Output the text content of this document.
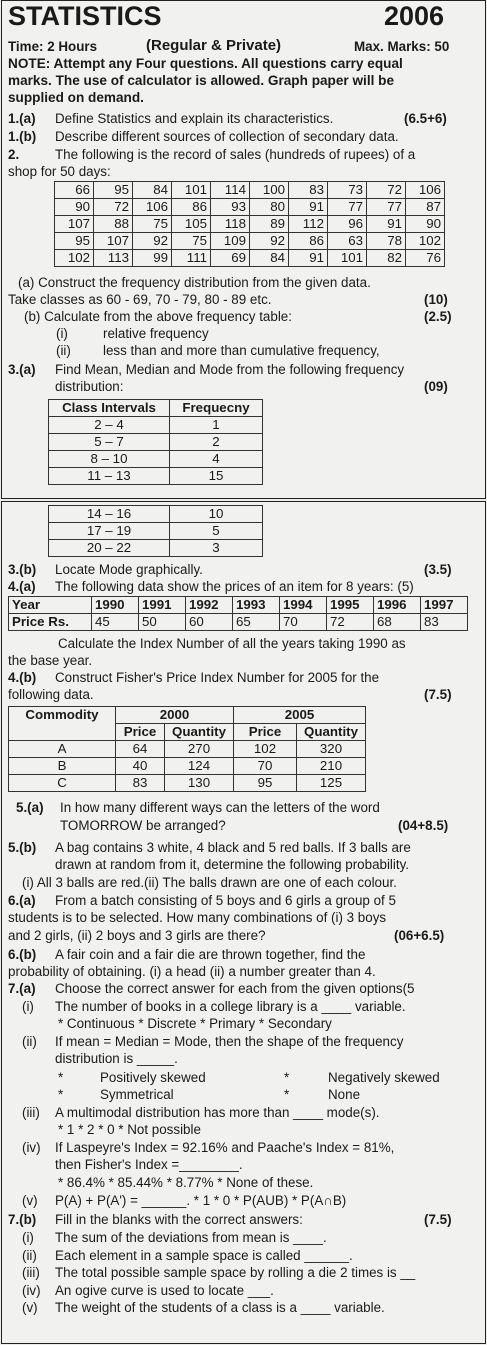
STATISTICS	2006
Time: 2 Hours	(Regular & Private)	Max. Marks: 50
NOTE: Attempt any Four questions. All questions carry equal
marks. The use of calculator is allowed. Graph paper will be
supplied on demand.
1.(a) Define Statistics and explain its characteristics.	(6.5+6)
1.(b) Describe different sources of collection of secondary data.
2.	The following is the record of sales (hundreds of rupees) of a
shop for 50 days:
66	95	84	101	114	100	83	73	72	106
90	72	106	86	93	80	91	77	77	87
107	88	75	105	118	89	112	96	91	90
95	107	92	75	109	92	86	63	78	102
102	113	99	111	69	84	91	101	82	76
(a) Construct the frequency distribution from the given data.
Take classes as 60 - 69, 70 - 79, 80 - 89 etc.	(10)
(b) Calculate from the above frequency table:	(2.5)
(i)	relative frequency
(ii) less than and more than cumulative frequency,
3.(a) Find Mean, Median and Mode from the following frequency
distribution:	(09)
Class Intervals	Frequecny
2 – 4	1
5 – 7	2
8 – 10	4
11 – 13	15
14 – 16	10
17 – 19	5
20 – 22	3
3.(b) Locate Mode graphically.	(3.5)
4.(a) The following data show the prices of an item for 8 years: (5)
Year	1990	1991	1992	1993	1994	1995	1996	1997
Price Rs.	45	50	60	65	70	72	68	83
Calculate the Index Number of all the years taking 1990 as
the base year.
4.(b) Construct Fisher's Price Index Number for 2005 for the
following data.	(7.5)
Commodity	2000		2005	
	Price	Quantity	Price	Quantity
A	64	270	102	320
B	40	124	70	210
C	83	130	95	125
5.(a) In how many different ways can the letters of the word
TOMORROW be arranged?	(04+8.5)
5.(b) A bag contains 3 white, 4 black and 5 red balls. If 3 balls are
drawn at random from it, determine the following probability.
(i) All 3 balls are red.(ii) The balls drawn are one of each colour.
6.(a) From a batch consisting of 5 boys and 6 girls a group of 5
students is to be selected. How many combinations of (i) 3 boys
and 2 girls, (ii) 2 boys and 3 girls are there?	(06+6.5)
6.(b) A fair coin and a fair die are thrown together, find the
probability of obtaining. (i) a head (ii) a number greater than 4.
7.(a) Choose the correct answer for each from the given options(5
(i) The number of books in a college library is a ____ variable.
* Continuous * Discrete * Primary * Secondary
(ii) If mean = Median = Mode, then the shape of the frequency
distribution is _____.
*	Positively skewed	*	Negatively skewed
*	Symmetrical	*	None
(iii) A multimodal distribution has more than ____ mode(s).
* 1 * 2 * 0 * Not possible
(iv) If Laspeyre's Index = 92.16% and Paache's Index = 81%,
then Fisher's Index =________.
* 86.4% * 85.44% * 8.77% * None of these.
(v) P(A) + P(A') = ______. * 1 * 0 * P(AUB) * P(A∩B)
7.(b) Fill in the blanks with the correct answers:	(7.5)
(i) The sum of the deviations from mean is ____.
(ii) Each element in a sample space is called ______.
(iii) The total possible sample space by rolling a die 2 times is __
(iv) An ogive curve is used to locate ___.
(v) The weight of the students of a class is a ____ variable.
